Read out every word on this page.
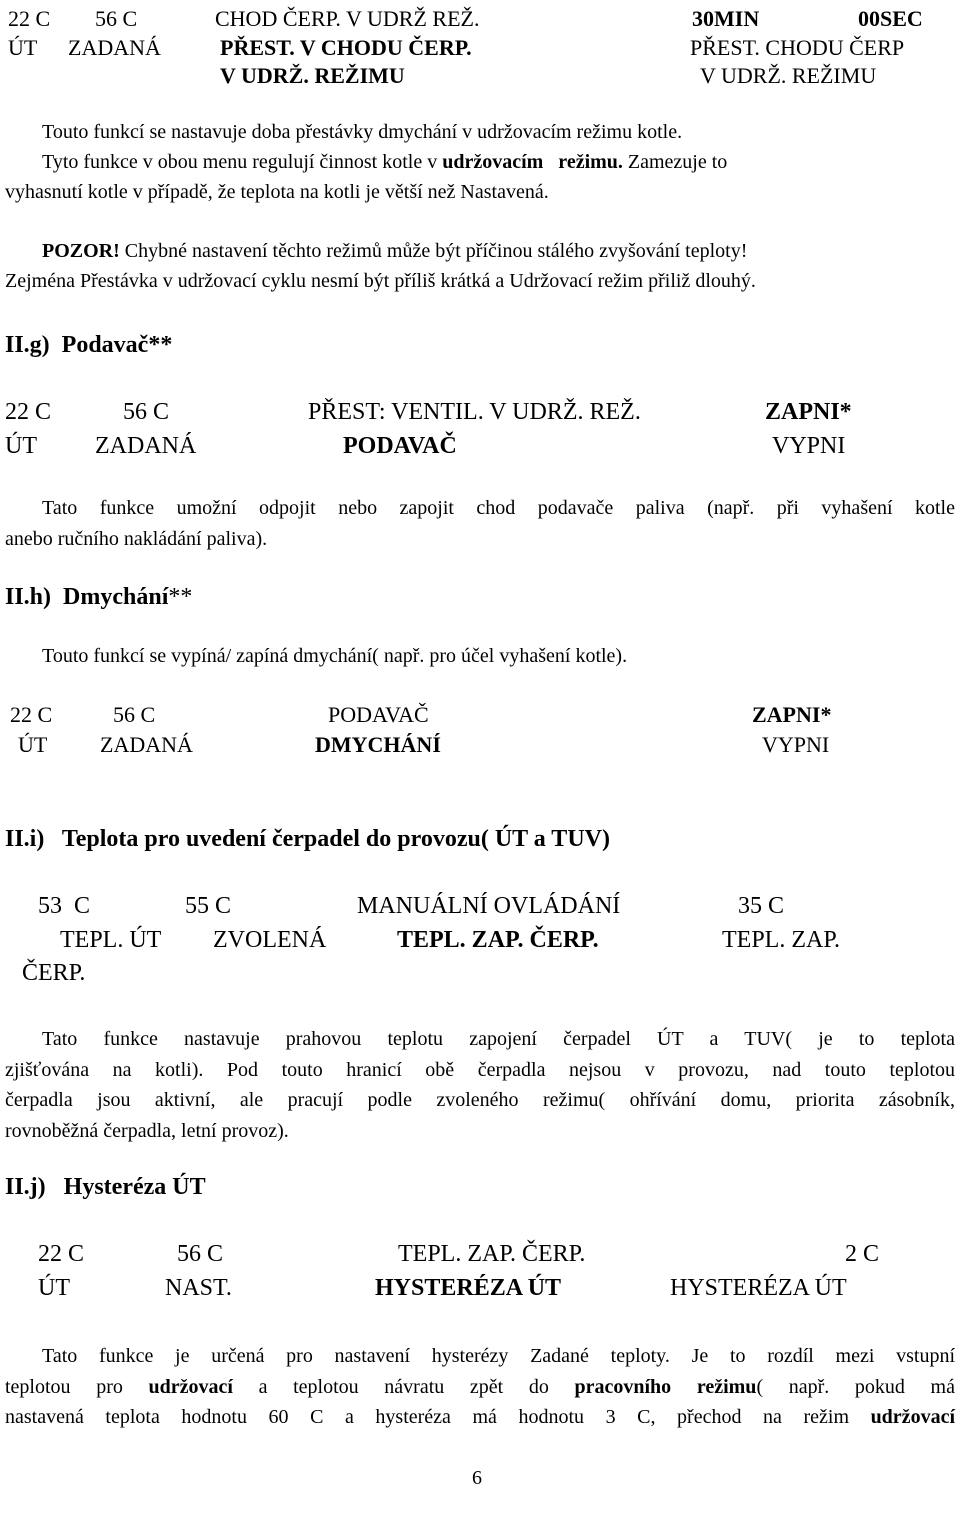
22 C 56 C	CHOD ČERP. V UDRŽ REŽ.	30MIN	00SEC
ÚT ZADANÁ	PŘEST. V CHODU ČERP.	PŘEST. CHODU ČERP
V UDRŽ. REŽIMU	V UDRŽ. REŽIMU
Touto funkcí se nastavuje doba přestávky dmychání v udržovacím režimu kotle.
Tyto funkce v obou menu regulují činnost kotle v udržovacím   režimu. Zamezuje to
vyhasnutí kotle v případě, že teplota na kotli je větší než Nastavená.
POZOR! Chybné nastavení těchto režimů může být příčinou stálého zvyšování teploty!
Zejména Přestávka v udržovací cyklu nesmí být příliš krátká a Udržovací režim přiliž dlouhý.
II.g)  Podavač**
22 C	56 C	PŘEST: VENTIL. V UDRŽ. REŽ.	ZAPNI*
ÚT ZADANÁ	PODAVAČ	VYPNI
Tato funkce umožní odpojit nebo zapojit chod podavače paliva (např. při vyhašení kotle
anebo ručního nakládání paliva).
II.h)  Dmychání**
Touto funkcí se vypíná/ zapíná dmychání( např. pro účel vyhašení kotle).
22 C	56 C	PODAVAČ	ZAPNI*
ÚT ZADANÁ	DMYCHÁNÍ	VYPNI
II.i)   Teplota pro uvedení čerpadel do provozu( ÚT a TUV)
53  C	55 C	MANUÁLNÍ OVLÁDÁNÍ	35 C
TEPL. ÚT ZVOLENÁ	TEPL. ZAP. ČERP.	TEPL. ZAP.
ČERP.
Tato funkce nastavuje prahovou teplotu zapojení čerpadel ÚT a TUV( je to teplota
zjišťována na kotli). Pod touto hranicí obě čerpadla nejsou v provozu, nad touto teplotou
čerpadla jsou aktivní, ale pracují podle zvoleného režimu( ohřívání domu, priorita zásobník,
rovnoběžná čerpadla, letní provoz).
II.j)   Hysteréza ÚT
22 C	56 C	TEPL. ZAP. ČERP.	2 C
ÚT	NAST.	HYSTERÉZA ÚT	HYSTERÉZA ÚT
Tato funkce je určená pro nastavení hysterézy Zadané teploty. Je to rozdíl mezi vstupní
teplotou pro udržovací a teplotou návratu zpět do pracovního režimu( např. pokud má
nastavená teplota hodnotu 60 C a hysteréza má hodnotu 3 C, přechod na režim udržovací
6
